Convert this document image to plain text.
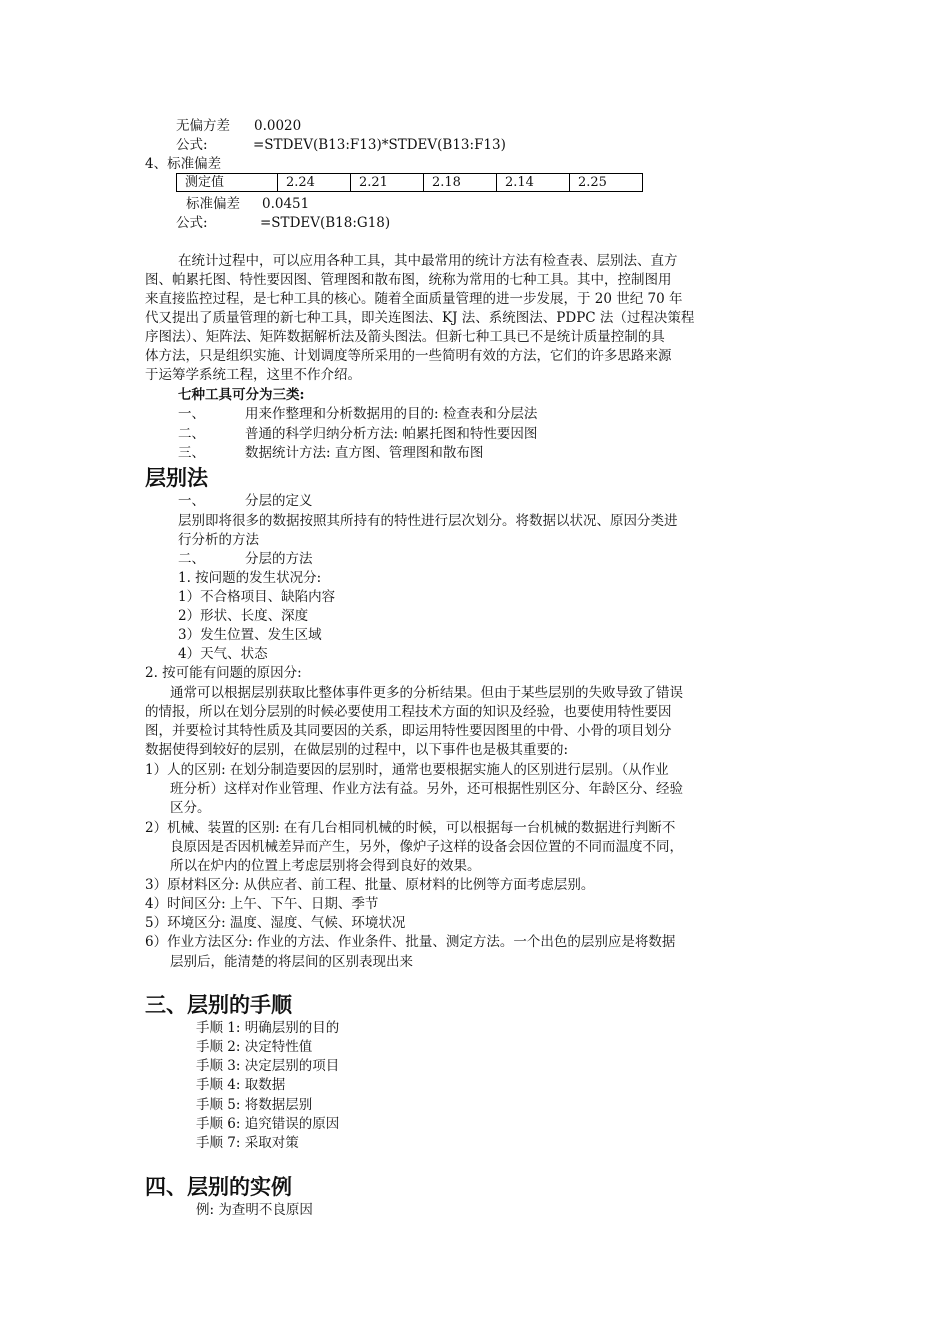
无偏方差 0.0020
公式:	=STDEV(B13:F13)*STDEV(B13:F13)
4、标准偏差
测定值	2.24	2.21	2.18	2.14	2.25
标准偏差 0.0451
公式:	=STDEV(B18:G18)
在统计过程中，可以应用各种工具，其中最常用的统计方法有检查表、层别法、直方
图、帕累托图、特性要因图、管理图和散布图，统称为常用的七种工具。其中，控制图用
来直接监控过程，是七种工具的核心。随着全面质量管理的进一步发展，于 20 世纪 70 年
代又提出了质量管理的新七种工具，即关连图法、KJ 法、系统图法、PDPC 法（过程决策程
序图法）、矩阵法、矩阵数据解析法及箭头图法。但新七种工具已不是统计质量控制的具
体方法，只是组织实施、计划调度等所采用的一些简明有效的方法，它们的许多思路来源
于运筹学系统工程，这里不作介绍。
七种工具可分为三类:
一、	用来作整理和分析数据用的目的: 检查表和分层法
二、	普通的科学归纳分析方法: 帕累托图和特性要因图
三、	数据统计方法: 直方图、管理图和散布图
层别法
一、	分层的定义
层别即将很多的数据按照其所持有的特性进行层次划分。将数据以状况、原因分类进
行分析的方法
二、	分层的方法
1. 按问题的发生状况分:
1）不合格项目、缺陷内容
2）形状、长度、深度
3）发生位置、发生区域
4）天气、状态
2. 按可能有问题的原因分:
通常可以根据层别获取比整体事件更多的分析结果。但由于某些层别的失败导致了错误
的情报，所以在划分层别的时候必要使用工程技术方面的知识及经验，也要使用特性要因
图，并要检讨其特性质及其同要因的关系，即运用特性要因图里的中骨、小骨的项目划分
数据使得到较好的层别，在做层别的过程中，以下事件也是极其重要的:
1）人的区别: 在划分制造要因的层别时，通常也要根据实施人的区别进行层别。（从作业
班分析）这样对作业管理、作业方法有益。另外，还可根据性别区分、年龄区分、经验
区分。
2）机械、装置的区别: 在有几台相同机械的时候，可以根据每一台机械的数据进行判断不
良原因是否因机械差异而产生，另外，像炉子这样的设备会因位置的不同而温度不同，
所以在炉内的位置上考虑层别将会得到良好的效果。
3）原材料区分: 从供应者、前工程、批量、原材料的比例等方面考虑层别。
4）时间区分: 上午、下午、日期、季节
5）环境区分: 温度、湿度、气候、环境状况
6）作业方法区分: 作业的方法、作业条件、批量、测定方法。一个出色的层别应是将数据
层别后，能清楚的将层间的区别表现出来
三、层别的手顺
手顺 1: 明确层别的目的
手顺 2: 决定特性值
手顺 3: 决定层别的项目
手顺 4: 取数据
手顺 5: 将数据层别
手顺 6: 追究错误的原因
手顺 7: 采取对策
四、层别的实例
例: 为查明不良原因
